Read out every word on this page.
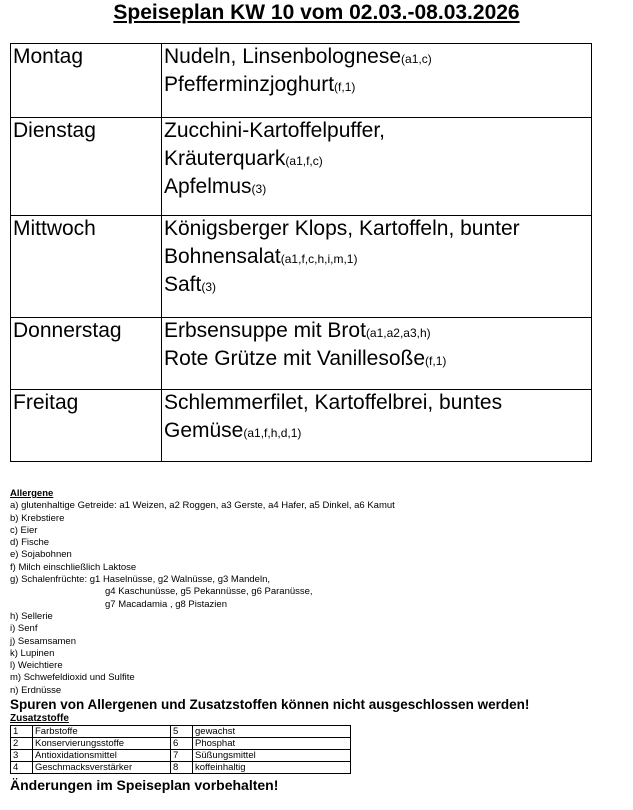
Speiseplan KW 10 vom 02.03.-08.03.2026
Montag	Nudeln, Linsenbolognese(a1,c)
Pfefferminzjoghurt(f,1)

Dienstag	Zucchini-Kartoffelpuffer,
Kräuterquark(a1,f,c)
Apfelmus(3)

Mittwoch	Königsberger Klops, Kartoffeln, bunter
Bohnensalat(a1,f,c,h,i,m,1)
Saft(3)

Donnerstag	Erbsensuppe mit Brot(a1,a2,a3,h)
Rote Grütze mit Vanillesoße(f,1)

Freitag	Schlemmerfilet, Kartoffelbrei, buntes
Gemüse(a1,f,h,d,1)
Allergene
a) glutenhaltige Getreide: a1 Weizen, a2 Roggen, a3 Gerste, a4 Hafer, a5 Dinkel, a6 Kamut
b) Krebstiere
c) Eier
d) Fische
e) Sojabohnen
f) Milch einschließlich Laktose
g) Schalenfrüchte: g1 Haselnüsse, g2 Walnüsse, g3 Mandeln,
g4 Kaschunüsse, g5 Pekannüsse, g6 Paranüsse,
g7 Macadamia , g8 Pistazien
h) Sellerie
i) Senf
j) Sesamsamen
k) Lupinen
l) Weichtiere
m) Schwefeldioxid und Sulfite
n) Erdnüsse
Spuren von Allergenen und Zusatzstoffen können nicht ausgeschlossen werden!
Zusatzstoffe
1	Farbstoffe	5	gewachst
2	Konservierungsstoffe	6	Phosphat
3	Antioxidationsmittel	7	Süßungsmittel
4	Geschmacksverstärker	8	koffeinhaltig
Änderungen im Speiseplan vorbehalten!
